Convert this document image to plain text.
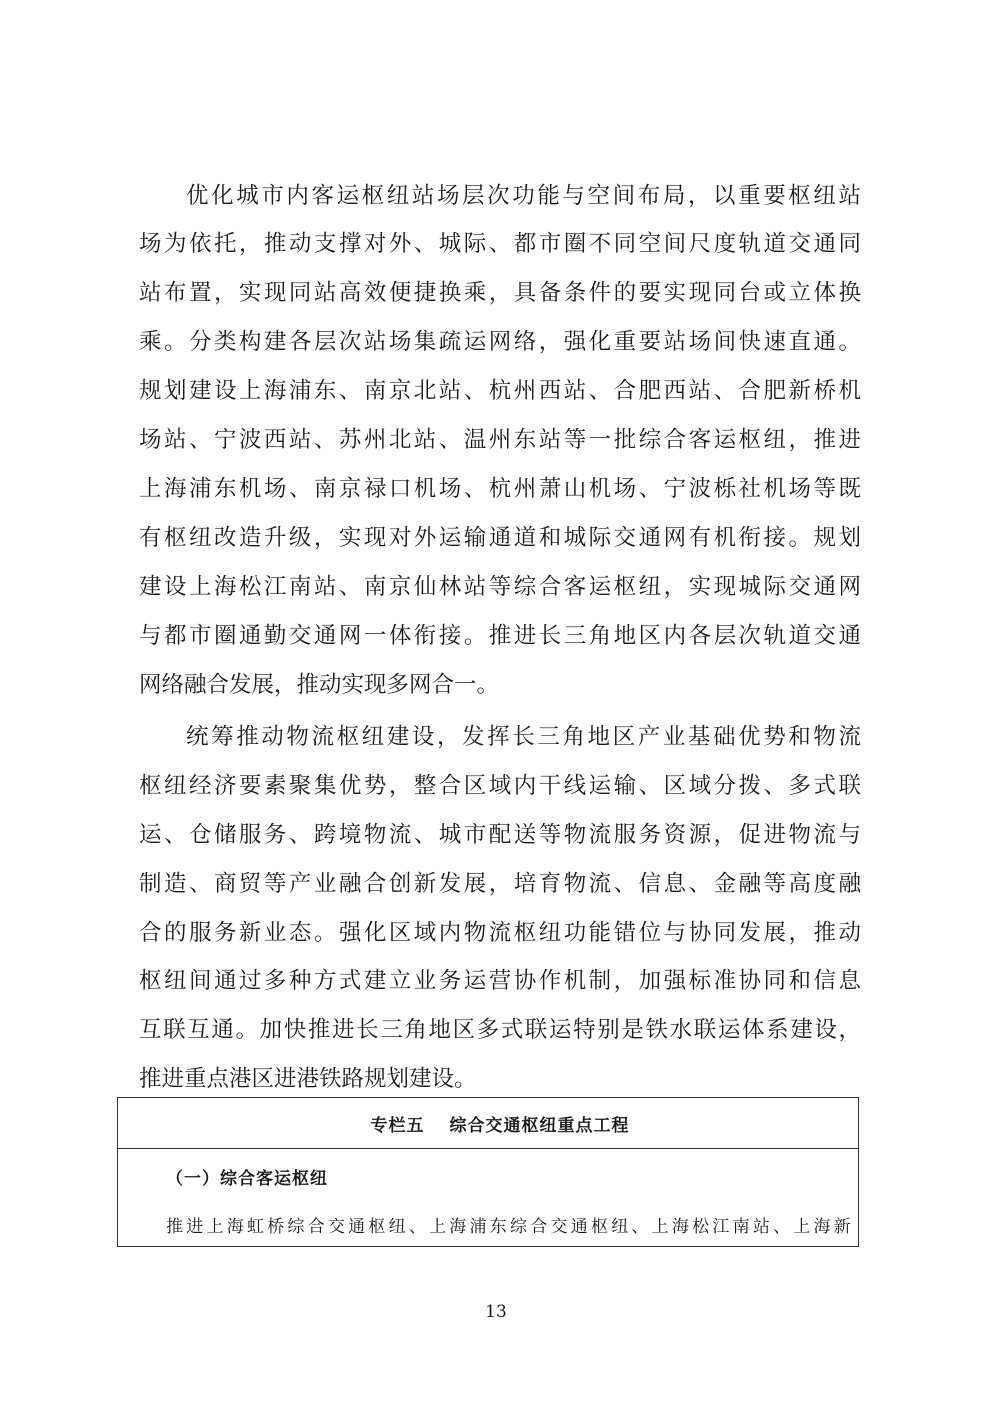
优化城市内客运枢纽站场层次功能与空间布局，以重要枢纽站
场为依托，推动支撑对外、城际、都市圈不同空间尺度轨道交通同
站布置，实现同站高效便捷换乘，具备条件的要实现同台或立体换
乘。分类构建各层次站场集疏运网络，强化重要站场间快速直通。
规划建设上海浦东、南京北站、杭州西站、合肥西站、合肥新桥机
场站、宁波西站、苏州北站、温州东站等一批综合客运枢纽，推进
上海浦东机场、南京禄口机场、杭州萧山机场、宁波栎社机场等既
有枢纽改造升级，实现对外运输通道和城际交通网有机衔接。规划
建设上海松江南站、南京仙林站等综合客运枢纽，实现城际交通网
与都市圈通勤交通网一体衔接。推进长三角地区内各层次轨道交通
网络融合发展，推动实现多网合一。
统筹推动物流枢纽建设，发挥长三角地区产业基础优势和物流
枢纽经济要素聚集优势，整合区域内干线运输、区域分拨、多式联
运、仓储服务、跨境物流、城市配送等物流服务资源，促进物流与
制造、商贸等产业融合创新发展，培育物流、信息、金融等高度融
合的服务新业态。强化区域内物流枢纽功能错位与协同发展，推动
枢纽间通过多种方式建立业务运营协作机制，加强标准协同和信息
互联互通。加快推进长三角地区多式联运特别是铁水联运体系建设，
推进重点港区进港铁路规划建设。
专栏五　 综合交通枢纽重点工程
（一）综合客运枢纽
推进上海虹桥综合交通枢纽、上海浦东综合交通枢纽、上海松江南站、上海新
13
